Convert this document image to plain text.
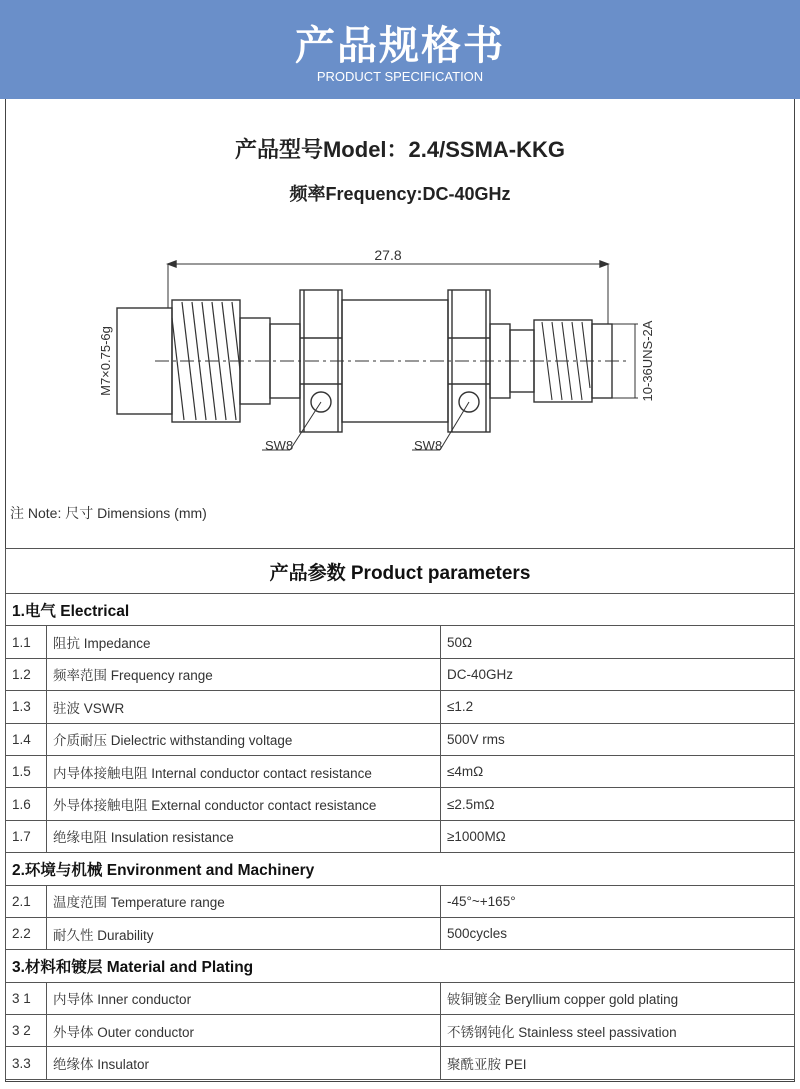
产品规格书
PRODUCT SPECIFICATION
产品型号Model：2.4/SSMA-KKG
频率Frequency:DC-40GHz
27.8
M7×0.75-6g	10-36UNS-2A
SW8	SW8
注 Note: 尺寸 Dimensions (mm)
产品参数 Product parameters		
1.电气 Electrical		
1.1	阻抗 Impedance	50Ω
1.2	频率范围 Frequency range	DC-40GHz
1.3	驻波 VSWR	≤1.2
1.4	介质耐压 Dielectric withstanding voltage	500V rms
1.5	内导体接触电阻 Internal conductor contact resistance	≤4mΩ
1.6	外导体接触电阻 External conductor contact resistance	≤2.5mΩ
1.7	绝缘电阻 Insulation resistance	≥1000MΩ
2.环境与机械 Environment and Machinery		
2.1	温度范围 Temperature range	-45°~+165°
2.2	耐久性 Durability	500cycles
3.材料和镀层 Material and Plating		
3 1	内导体 Inner conductor	铍铜镀金 Beryllium copper gold plating
3 2	外导体 Outer conductor	不锈钢钝化 Stainless steel passivation
3.3	绝缘体 Insulator	聚酰亚胺 PEI
